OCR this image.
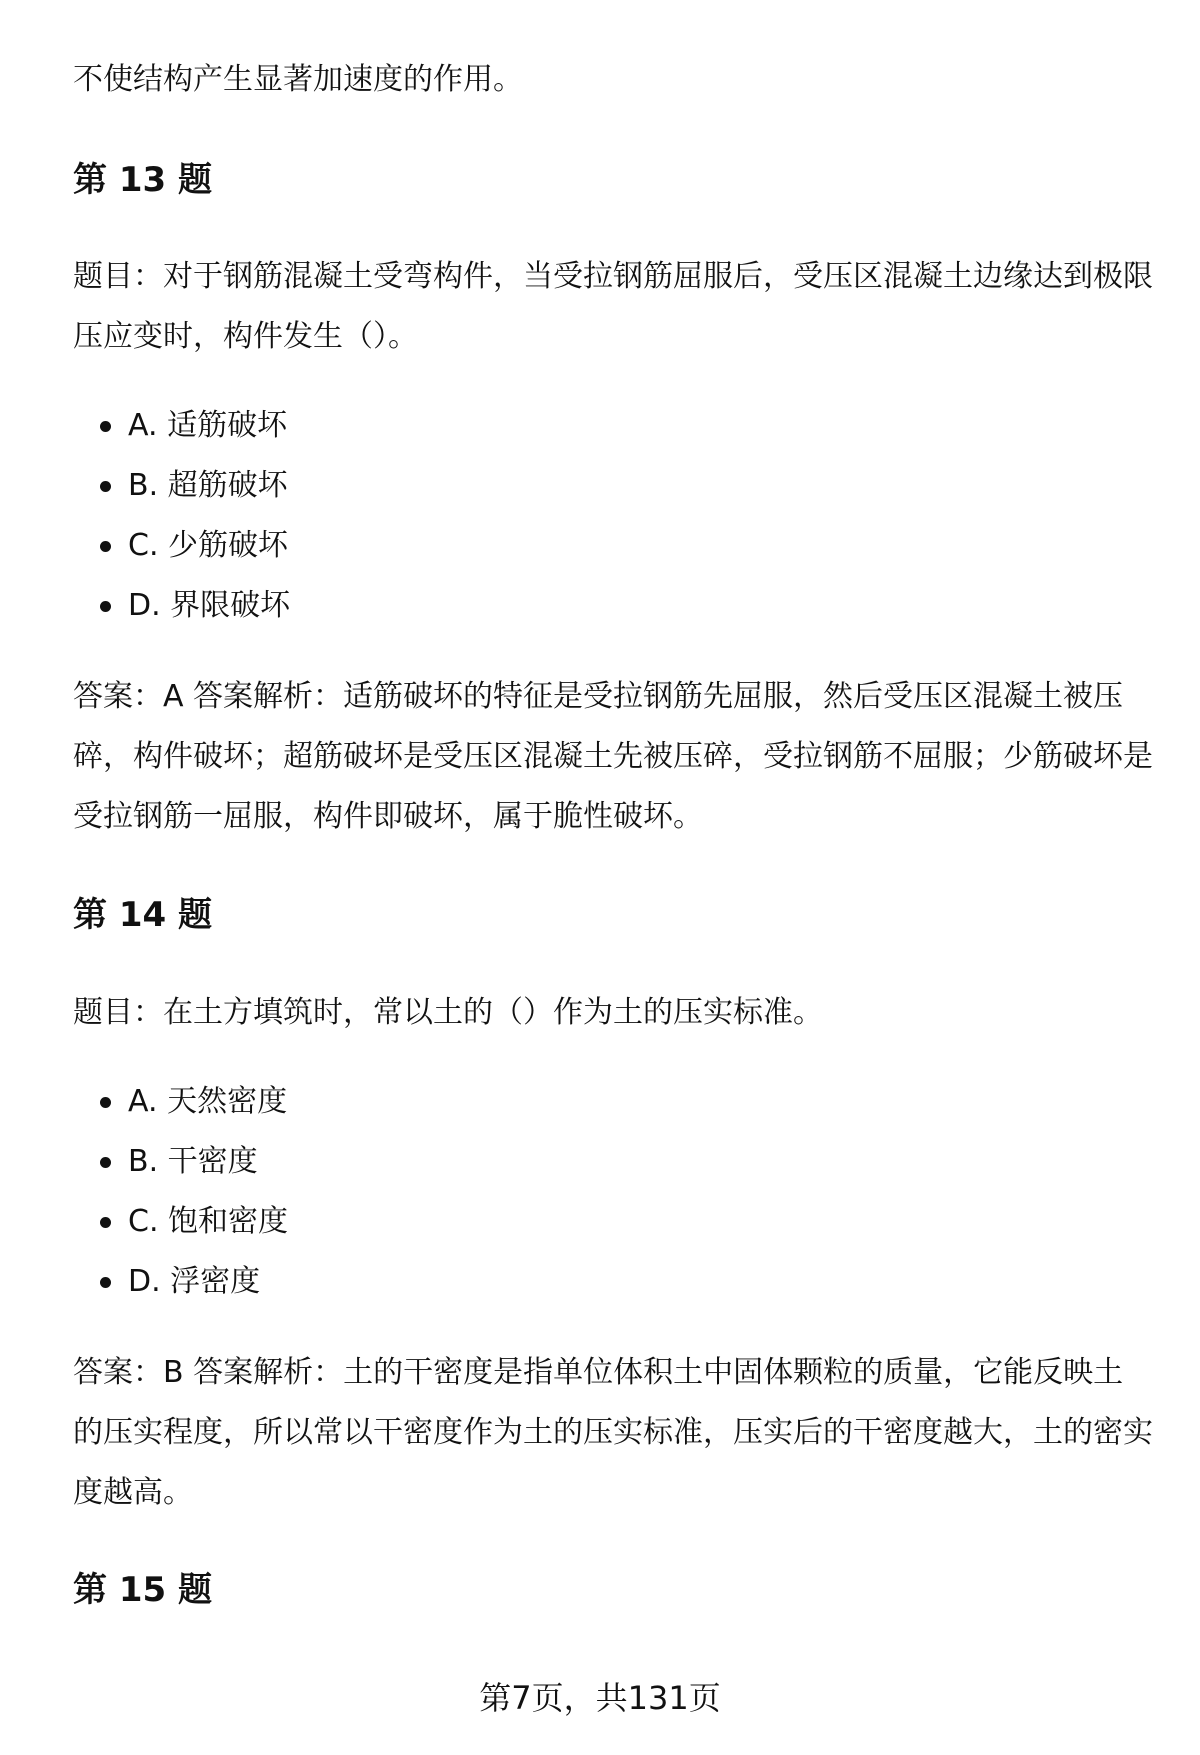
不使结构产生显著加速度的作用。

第 13 题

题目：对于钢筋混凝土受弯构件，当受拉钢筋屈服后，受压区混凝土边缘达到极限压应变时，构件发生（）。

A. 适筋破坏
B. 超筋破坏
C. 少筋破坏
D. 界限破坏

答案：A 答案解析：适筋破坏的特征是受拉钢筋先屈服，然后受压区混凝土被压碎，构件破坏；超筋破坏是受压区混凝土先被压碎，受拉钢筋不屈服；少筋破坏是受拉钢筋一屈服，构件即破坏，属于脆性破坏。

第 14 题

题目：在土方填筑时，常以土的（）作为土的压实标准。

A. 天然密度
B. 干密度
C. 饱和密度
D. 浮密度

答案：B 答案解析：土的干密度是指单位体积土中固体颗粒的质量，它能反映土的压实程度，所以常以干密度作为土的压实标准，压实后的干密度越大，土的密实度越高。

第 15 题
第7页，共131页
